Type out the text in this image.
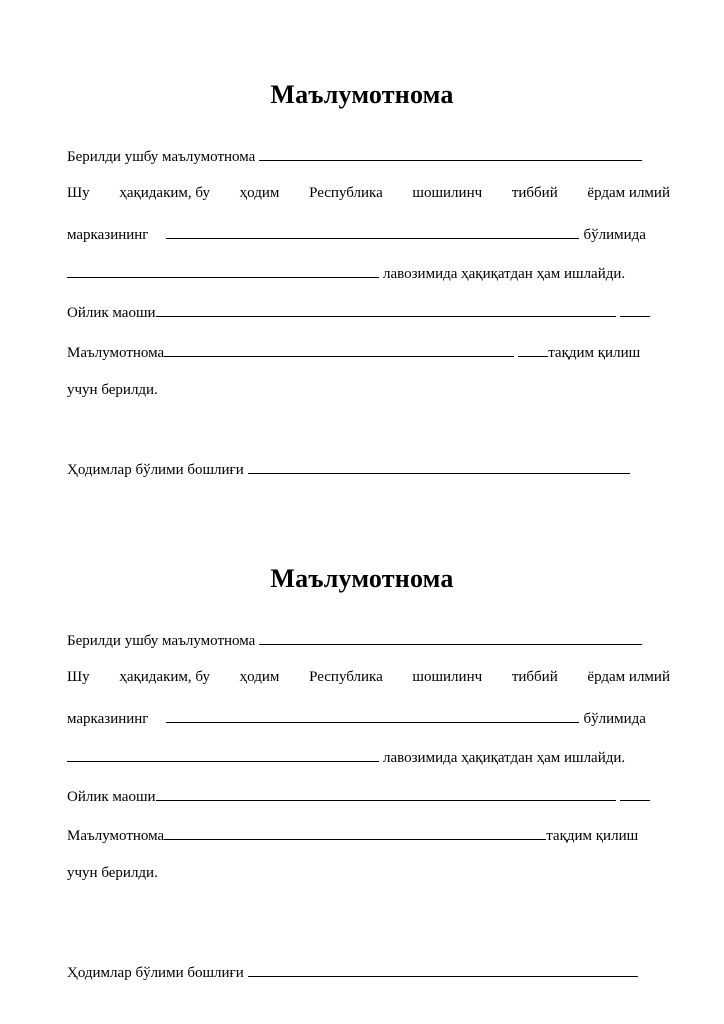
Маълумотнома
Берилди ушбу маълумотнома
Шу ҳақидаким, бу ҳодим Республика шошилинч тиббий ёрдам илмий
марказининг	бўлимида
лавозимида ҳақиқатдан ҳам ишлайди.
Ойлик маоши
Маълумотнома	тақдим қилиш
учун берилди.
Ҳодимлар бўлими бошлиғи
Маълумотнома
Берилди ушбу маълумотнома
Шу ҳақидаким, бу ҳодим Республика шошилинч тиббий ёрдам илмий
марказининг	бўлимида
лавозимида ҳақиқатдан ҳам ишлайди.
Ойлик маоши
Маълумотнома	тақдим қилиш
учун берилди.
Ҳодимлар бўлими бошлиғи
